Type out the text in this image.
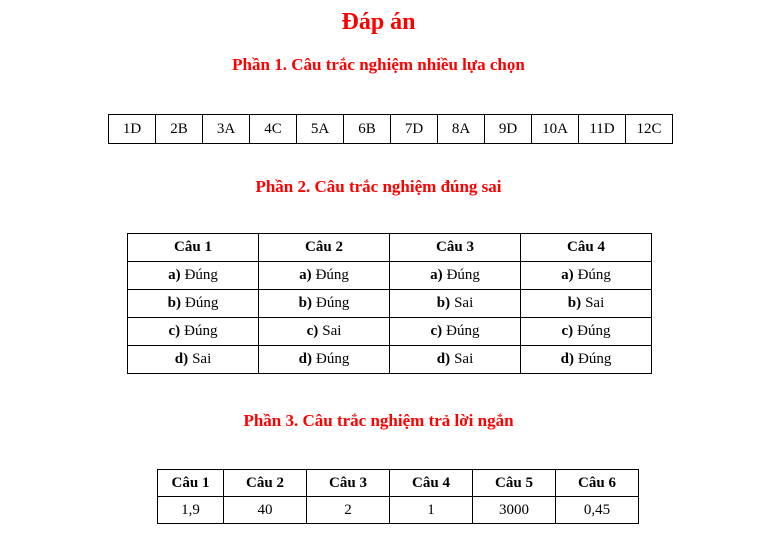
Đáp án
Phần 1. Câu trắc nghiệm nhiều lựa chọn
1D	2B	3A	4C	5A	6B	7D	8A	9D	10A	11D	12C
Phần 2. Câu trắc nghiệm đúng sai
Câu 1	Câu 2	Câu 3	Câu 4
a) Đúng	a) Đúng	a) Đúng	a) Đúng
b) Đúng	b) Đúng	b) Sai	b) Sai
c) Đúng	c) Sai	c) Đúng	c) Đúng
d) Sai	d) Đúng	d) Sai	d) Đúng
Phần 3. Câu trắc nghiệm trả lời ngắn
Câu 1	Câu 2	Câu 3	Câu 4	Câu 5	Câu 6
1,9	40	2	1	3000	0,45
